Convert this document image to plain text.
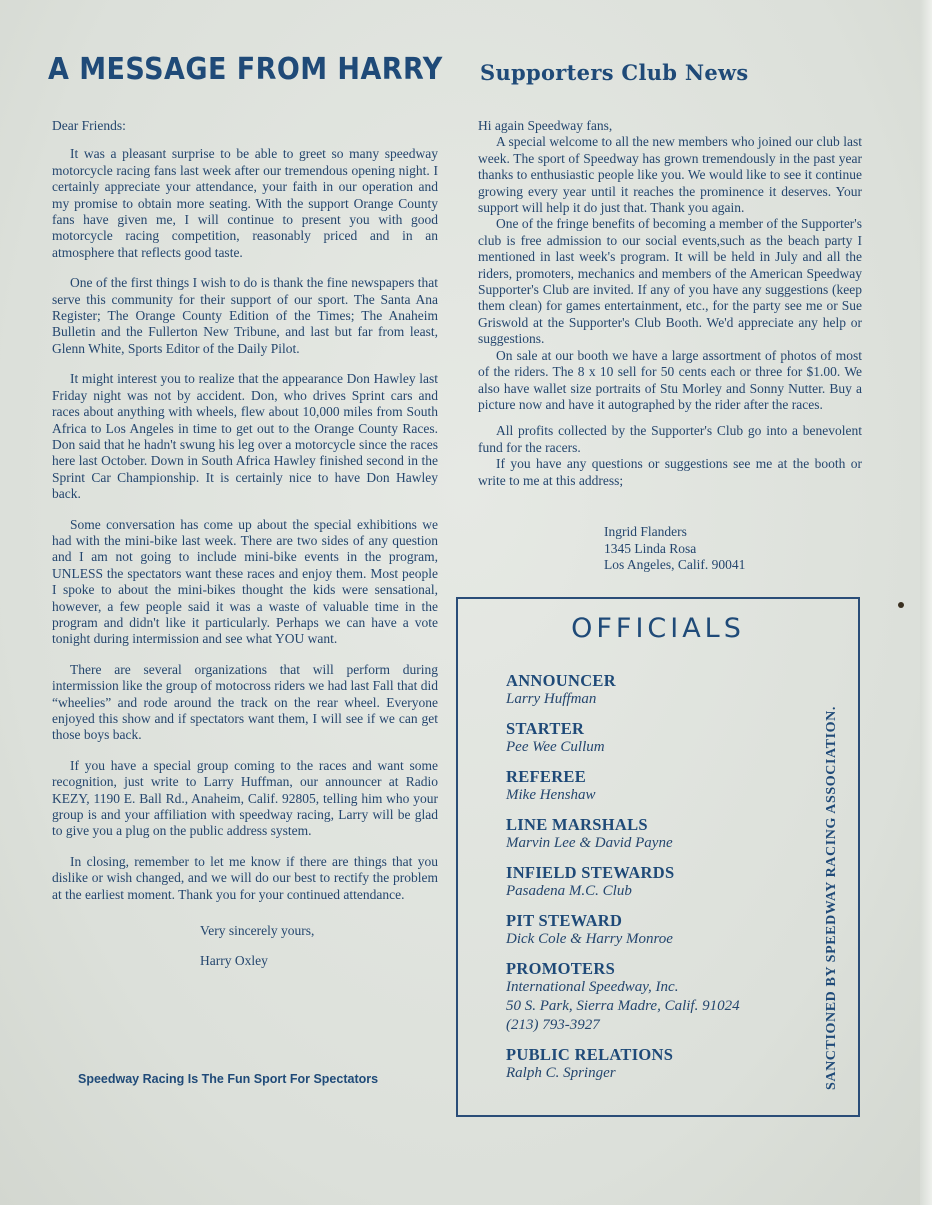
A MESSAGE FROM HARRY

Dear Friends:

It was a pleasant surprise to be able to greet so many speedway motorcycle racing fans last week after our tremendous opening night. I certainly appreciate your attendance, your faith in our operation and my promise to obtain more seating. With the support Orange County fans have given me, I will continue to present you with good motorcycle racing competition, reasonably priced and in an atmosphere that reflects good taste.

One of the first things I wish to do is thank the fine newspapers that serve this community for their support of our sport. The Santa Ana Register; The Orange County Edition of the Times; The Anaheim Bulletin and the Fullerton New Tribune, and last but far from least, Glenn White, Sports Editor of the Daily Pilot.

It might interest you to realize that the appearance Don Hawley last Friday night was not by accident. Don, who drives Sprint cars and races about anything with wheels, flew about 10,000 miles from South Africa to Los Angeles in time to get out to the Orange County Races. Don said that he hadn't swung his leg over a motorcycle since the races here last October. Down in South Africa Hawley finished second in the Sprint Car Championship. It is certainly nice to have Don Hawley back.

Some conversation has come up about the special exhibitions we had with the mini-bike last week. There are two sides of any question and I am not going to include mini-bike events in the program, UNLESS the spectators want these races and enjoy them. Most people I spoke to about the mini-bikes thought the kids were sensational, however, a few people said it was a waste of valuable time in the program and didn't like it particularly. Perhaps we can have a vote tonight during intermission and see what YOU want.

There are several organizations that will perform during intermission like the group of motocross riders we had last Fall that did “wheelies” and rode around the track on the rear wheel. Everyone enjoyed this show and if spectators want them, I will see if we can get those boys back.

If you have a special group coming to the races and want some recognition, just write to Larry Huffman, our announcer at Radio KEZY, 1190 E. Ball Rd., Anaheim, Calif. 92805, telling him who your group is and your affiliation with speedway racing, Larry will be glad to give you a plug on the public address system.

In closing, remember to let me know if there are things that you dislike or wish changed, and we will do our best to rectify the problem at the earliest moment. Thank you for your continued attendance.

Very sincerely yours,

Harry Oxley

Speedway Racing Is The Fun Sport For Spectators
Supporters Club News

Hi again Speedway fans,

A special welcome to all the new members who joined our club last week. The sport of Speedway has grown tremendously in the past year thanks to enthusiastic people like you. We would like to see it continue growing every year until it reaches the prominence it deserves. Your support will help it do just that. Thank you again.

One of the fringe benefits of becoming a member of the Supporter's club is free admission to our social events,such as the beach party I mentioned in last week's program. It will be held in July and all the riders, promoters, mechanics and members of the American Speedway Supporter's Club are invited. If any of you have any suggestions (keep them clean) for games entertainment, etc., for the party see me or Sue Griswold at the Supporter's Club Booth. We'd appreciate any help or suggestions.

On sale at our booth we have a large assortment of photos of most of the riders. The 8 x 10 sell for 50 cents each or three for $1.00. We also have wallet size portraits of Stu Morley and Sonny Nutter. Buy a picture now and have it autographed by the rider after the races.

All profits collected by the Supporter's Club go into a benevolent fund for the racers.

If you have any questions or suggestions see me at the booth or write to me at this address;

Ingrid Flanders
1345 Linda Rosa
Los Angeles, Calif. 90041
OFFICIALS
ANNOUNCER
Larry Huffman
STARTER
Pee Wee Cullum
REFEREE
Mike Henshaw
LINE MARSHALS
Marvin Lee & David Payne
INFIELD STEWARDS
Pasadena M.C. Club
PIT STEWARD
Dick Cole & Harry Monroe
PROMOTERS
International Speedway, Inc.
50 S. Park, Sierra Madre, Calif. 91024
(213) 793-3927
PUBLIC RELATIONS
Ralph C. Springer	SANCTIONED BY SPEEDWAY RACING ASSOCIATION.
